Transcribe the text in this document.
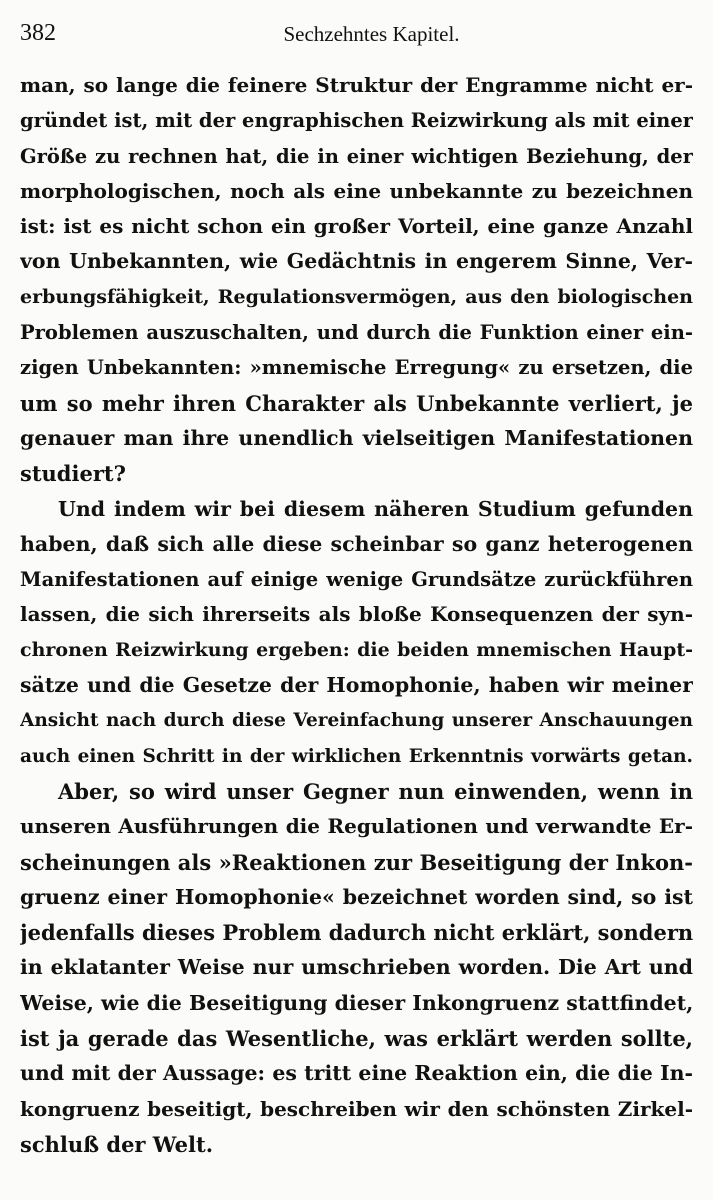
382	Sechzehntes Kapitel.
man, so lange die feinere Struktur der Engramme nicht er-
gründet ist, mit der engraphischen Reizwirkung als mit einer
Größe zu rechnen hat, die in einer wichtigen Beziehung, der
morphologischen, noch als eine unbekannte zu bezeichnen
ist: ist es nicht schon ein großer Vorteil, eine ganze Anzahl
von Unbekannten, wie Gedächtnis in engerem Sinne, Ver-
erbungsfähigkeit, Regulationsvermögen, aus den biologischen
Problemen auszuschalten, und durch die Funktion einer ein-
zigen Unbekannten: »mnemische Erregung« zu ersetzen, die
um so mehr ihren Charakter als Unbekannte verliert, je
genauer man ihre unendlich vielseitigen Manifestationen
studiert?
Und indem wir bei diesem näheren Studium gefunden
haben, daß sich alle diese scheinbar so ganz heterogenen
Manifestationen auf einige wenige Grundsätze zurückführen
lassen, die sich ihrerseits als bloße Konsequenzen der syn-
chronen Reizwirkung ergeben: die beiden mnemischen Haupt-
sätze und die Gesetze der Homophonie, haben wir meiner
Ansicht nach durch diese Vereinfachung unserer Anschauungen
auch einen Schritt in der wirklichen Erkenntnis vorwärts getan.
Aber, so wird unser Gegner nun einwenden, wenn in
unseren Ausführungen die Regulationen und verwandte Er-
scheinungen als »Reaktionen zur Beseitigung der Inkon-
gruenz einer Homophonie« bezeichnet worden sind, so ist
jedenfalls dieses Problem dadurch nicht erklärt, sondern
in eklatanter Weise nur umschrieben worden. Die Art und
Weise, wie die Beseitigung dieser Inkongruenz stattfindet,
ist ja gerade das Wesentliche, was erklärt werden sollte,
und mit der Aussage: es tritt eine Reaktion ein, die die In-
kongruenz beseitigt, beschreiben wir den schönsten Zirkel-
schluß der Welt.
